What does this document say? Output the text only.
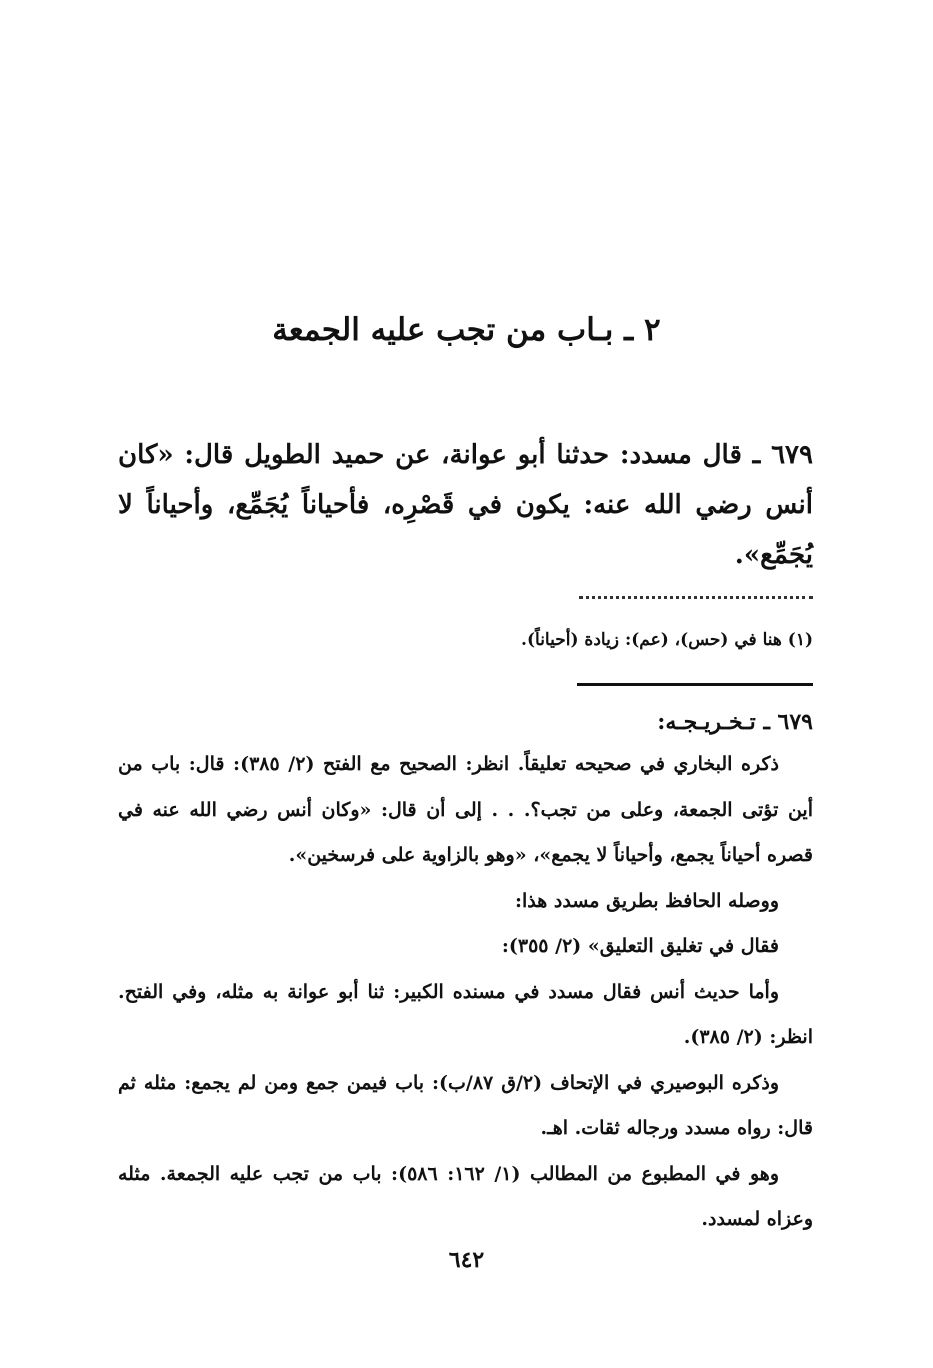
٢ ـ بـاب من تجب عليه الجمعة

٦٧٩ ـ قال مسدد: حدثنا أبو عوانة، عن حميد الطويل قال: «كان أنس رضي الله عنه: يكون في قَصْرِه، فأحياناً يُجَمِّع، وأحياناً لا يُجَمِّع».

(١) هنا في (حس)، (عم): زيادة (أحياناً).

٦٧٩ ـ تـخـريـجـه:

ذكره البخاري في صحيحه تعليقاً. انظر: الصحيح مع الفتح (٢/ ٣٨٥): قال: باب من أين تؤتى الجمعة، وعلى من تجب؟. . . إلى أن قال: «وكان أنس رضي الله عنه في قصره أحياناً يجمع، وأحياناً لا يجمع»، «وهو بالزاوية على فرسخين».

ووصله الحافظ بطريق مسدد هذا:

فقال في تغليق التعليق» (٢/ ٣٥٥):

وأما حديث أنس فقال مسدد في مسنده الكبير: ثنا أبو عوانة به مثله، وفي الفتح. انظر: (٢/ ٣٨٥).

وذكره البوصيري في الإتحاف (٢/ق ٨٧/ب): باب فيمن جمع ومن لم يجمع: مثله ثم قال: رواه مسدد ورجاله ثقات. اهـ.

وهو في المطبوع من المطالب (١/ ١٦٢: ٥٨٦): باب من تجب عليه الجمعة. مثله وعزاه لمسدد.

٦٤٢
